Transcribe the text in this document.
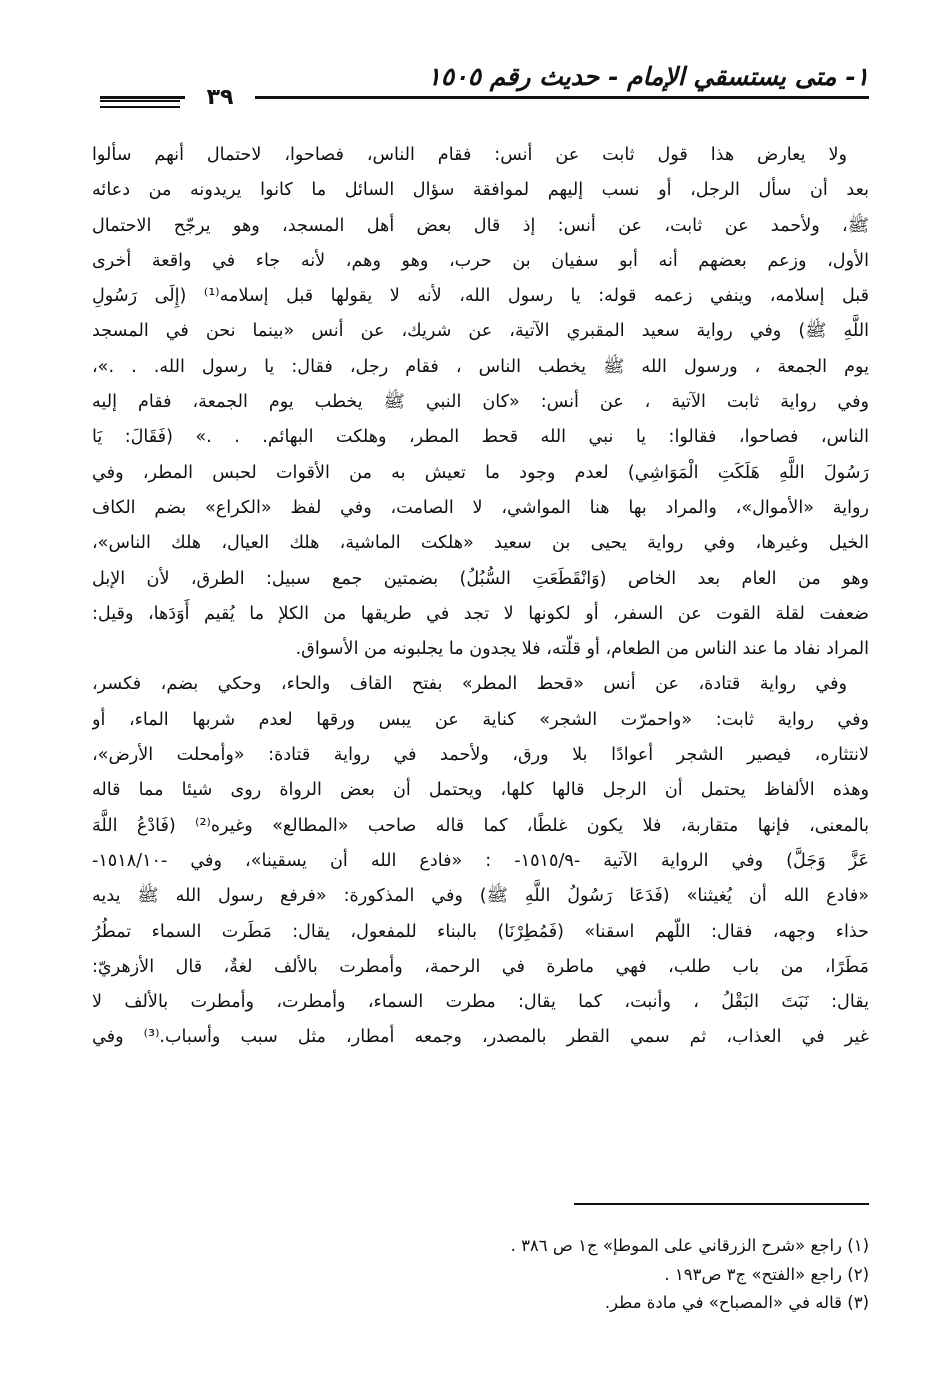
١- متى يستسقي الإمام - حديث رقم ١٥٠٥
٣٩
ولا يعارض هذا قول ثابت عن أنس: فقام الناس، فصاحوا، لاحتمال أنهم سألوا
بعد أن سأل الرجل، أو نسب إليهم لموافقة سؤال السائل ما كانوا يريدونه من دعائه
ﷺ، ولأحمد عن ثابت، عن أنس: إذ قال بعض أهل المسجد، وهو يرجّح الاحتمال
الأول، وزعم بعضهم أنه أبو سفيان بن حرب، وهو وهم، لأنه جاء في واقعة أخرى
قبل إسلامه، وينفي زعمه قوله: يا رسول الله، لأنه لا يقولها قبل إسلامه⁽¹⁾ (إِلَى رَسُولِ
اللَّهِ ﷺ) وفي رواية سعيد المقبري الآتية، عن شريك، عن أنس «بينما نحن في المسجد
يوم الجمعة ، ورسول الله ﷺ يخطب الناس ، فقام رجل، فقال: يا رسول الله. . .»،
وفي رواية ثابت الآتية ، عن أنس: «كان النبي ﷺ يخطب يوم الجمعة، فقام إليه
الناس، فصاحوا، فقالوا: يا نبي الله قحط المطر، وهلكت البهائم. . .» (فَقَالَ: يَا
رَسُولَ اللَّهِ هَلَكَتِ الْمَوَاشِي) لعدم وجود ما تعيش به من الأقوات لحبس المطر، وفي
رواية «الأموال»، والمراد بها هنا المواشي، لا الصامت، وفي لفظ «الكراع» بضم الكاف
الخيل وغيرها، وفي رواية يحيى بن سعيد «هلكت الماشية، هلك العيال، هلك الناس»،
وهو من العام بعد الخاص (وَانْقَطَعَتِ السُّبُلُ) بضمتين جمع سبيل: الطرق، لأن الإبل
ضعفت لقلة القوت عن السفر، أو لكونها لا تجد في طريقها من الكلإ ما يُقيم أَوَدَها، وقيل:
المراد نفاد ما عند الناس من الطعام، أو قلّته، فلا يجدون ما يجلبونه من الأسواق.
وفي رواية قتادة، عن أنس «قحط المطر» بفتح القاف والحاء، وحكي بضم، فكسر،
وفي رواية ثابت: «واحمرّت الشجر» كناية عن يبس ورقها لعدم شربها الماء، أو
لانتثاره، فيصير الشجر أعوادًا بلا ورق، ولأحمد في رواية قتادة: «وأمحلت الأرض»،
وهذه الألفاظ يحتمل أن الرجل قالها كلها، ويحتمل أن بعض الرواة روى شيئا مما قاله
بالمعنى، فإنها متقاربة، فلا يكون غلطًا، كما قاله صاحب «المطالع» وغيره⁽²⁾ (فَادْعُ اللَّهَ
عَزَّ وَجَلَّ) وفي الرواية الآتية -١٥١٥/٩- : «فادع الله أن يسقينا»، وفي -١٥١٨/١٠-
«فادع الله أن يُغيثنا» (فَدَعَا رَسُولُ اللَّهِ ﷺ) وفي المذكورة: «فرفع رسول الله ﷺ يديه
حذاء وجهه، فقال: اللّهم اسقنا» (فَمُطِرْنَا) بالبناء للمفعول، يقال: مَطَرت السماء تمطُرُ
مَطَرًا، من باب طلب، فهي ماطرة في الرحمة، وأمطرت بالألف لغةٌ، قال الأزهريّ:
يقال: نَبَتَ البَقْلُ ، وأنبت، كما يقال: مطرت السماء، وأمطرت، وأمطرت بالألف لا
غير في العذاب، ثم سمي القطر بالمصدر، وجمعه أمطار، مثل سبب وأسباب.⁽³⁾ وفي
(١) راجع «شرح الزرقاني على الموطإ» ج١ ص ٣٨٦ .
(٢) راجع «الفتح» ج٣ ص١٩٣ .
(٣) قاله في «المصباح» في مادة مطر.
